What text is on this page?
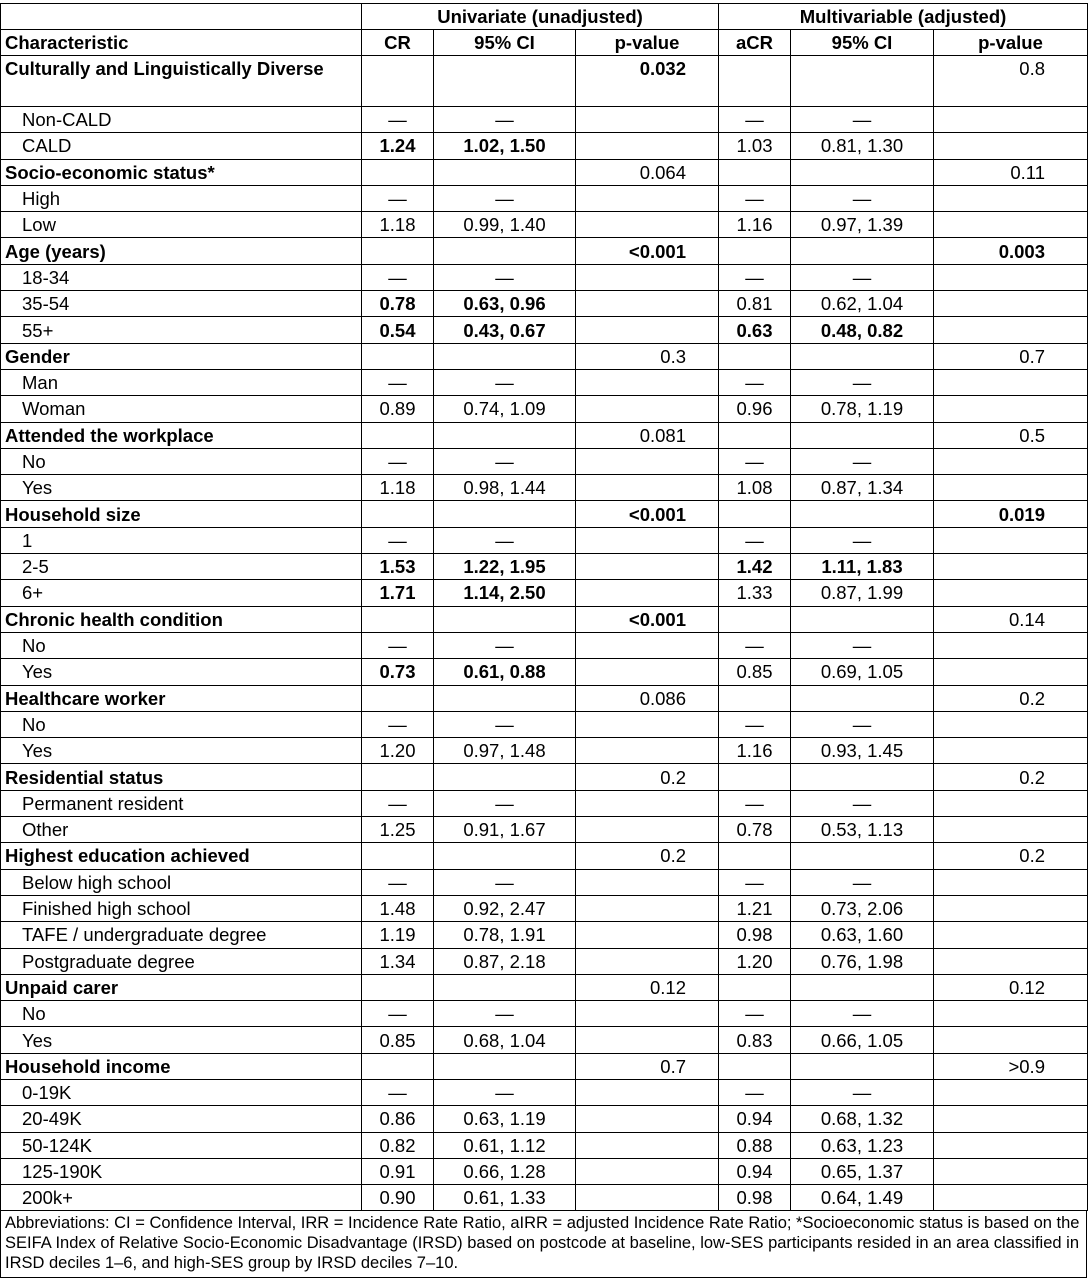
	Univariate (unadjusted)			Multivariable (adjusted)		
Characteristic	CR	95% CI	p-value	aCR	95% CI	p-value
Culturally and Linguistically Diverse			0.032			0.8
Non-CALD	—	—		—	—	
CALD	1.24	1.02, 1.50		1.03	0.81, 1.30	
Socio-economic status*			0.064			0.11
High	—	—		—	—	
Low	1.18	0.99, 1.40		1.16	0.97, 1.39	
Age (years)			<0.001			0.003
18-34	—	—		—	—	
35-54	0.78	0.63, 0.96		0.81	0.62, 1.04	
55+	0.54	0.43, 0.67		0.63	0.48, 0.82	
Gender			0.3			0.7
Man	—	—		—	—	
Woman	0.89	0.74, 1.09		0.96	0.78, 1.19	
Attended the workplace			0.081			0.5
No	—	—		—	—	
Yes	1.18	0.98, 1.44		1.08	0.87, 1.34	
Household size			<0.001			0.019
1	—	—		—	—	
2-5	1.53	1.22, 1.95		1.42	1.11, 1.83	
6+	1.71	1.14, 2.50		1.33	0.87, 1.99	
Chronic health condition			<0.001			0.14
No	—	—		—	—	
Yes	0.73	0.61, 0.88		0.85	0.69, 1.05	
Healthcare worker			0.086			0.2
No	—	—		—	—	
Yes	1.20	0.97, 1.48		1.16	0.93, 1.45	
Residential status			0.2			0.2
Permanent resident	—	—		—	—	
Other	1.25	0.91, 1.67		0.78	0.53, 1.13	
Highest education achieved			0.2			0.2
Below high school	—	—		—	—	
Finished high school	1.48	0.92, 2.47		1.21	0.73, 2.06	
TAFE / undergraduate degree	1.19	0.78, 1.91		0.98	0.63, 1.60	
Postgraduate degree	1.34	0.87, 2.18		1.20	0.76, 1.98	
Unpaid carer			0.12			0.12
No	—	—		—	—	
Yes	0.85	0.68, 1.04		0.83	0.66, 1.05	
Household income			0.7			>0.9
0-19K	—	—		—	—	
20-49K	0.86	0.63, 1.19		0.94	0.68, 1.32	
50-124K	0.82	0.61, 1.12		0.88	0.63, 1.23	
125-190K	0.91	0.66, 1.28		0.94	0.65, 1.37	
200k+	0.90	0.61, 1.33		0.98	0.64, 1.49	
Abbreviations: CI = Confidence Interval, IRR = Incidence Rate Ratio, aIRR = adjusted Incidence Rate Ratio; *Socioeconomic status is based on the SEIFA Index of Relative Socio-Economic Disadvantage (IRSD) based on postcode at baseline, low-SES participants resided in an area classified in IRSD deciles 1–6, and high-SES group by IRSD deciles 7–10.
